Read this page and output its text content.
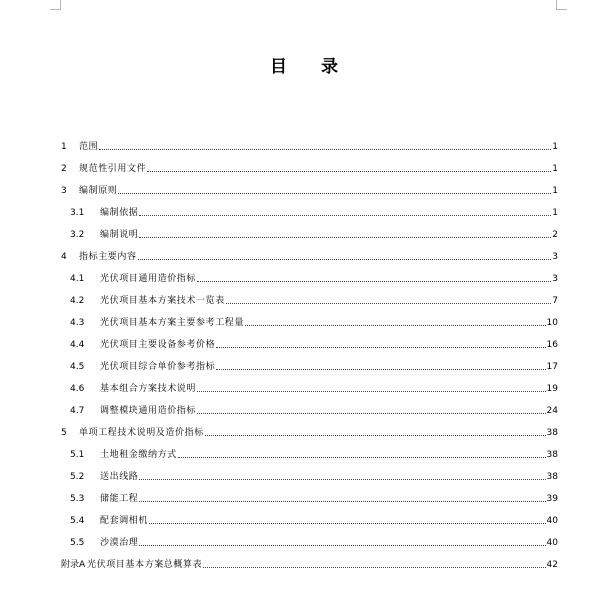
目　　录
1	范围	1
2	规范性引用文件	1
3	编制原则	1
3.1	编制依据	1
3.2	编制说明	2
4	指标主要内容	3
4.1	光伏项目通用造价指标	3
4.2	光伏项目基本方案技术一览表	7
4.3	光伏项目基本方案主要参考工程量	10
4.4	光伏项目主要设备参考价格	16
4.5	光伏项目综合单价参考指标	17
4.6	基本组合方案技术说明	19
4.7	调整模块通用造价指标	24
5	单项工程技术说明及造价指标	38
5.1	土地租金缴纳方式	38
5.2	送出线路	38
5.3	储能工程	39
5.4	配套调相机	40
5.5	沙漠治理	40
附录A 光伏项目基本方案总概算表	42
